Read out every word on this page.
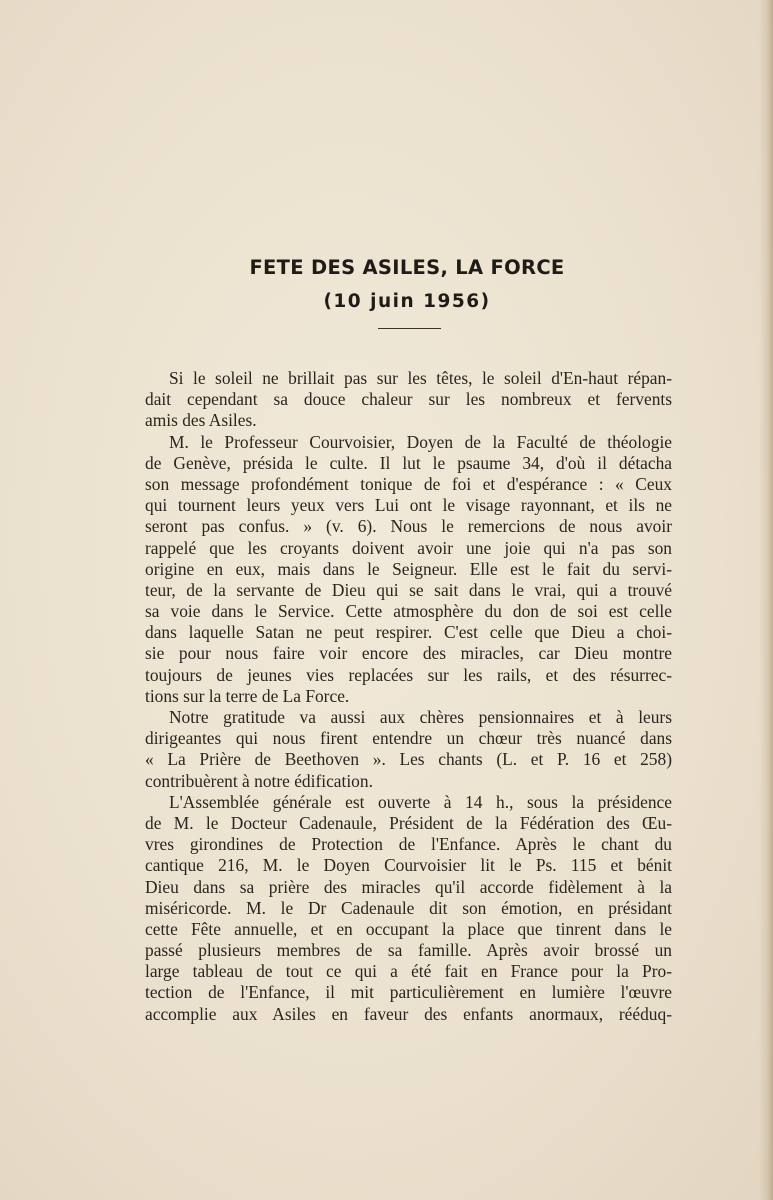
FETE DES ASILES, LA FORCE
(10 juin 1956)
Si le soleil ne brillait pas sur les têtes, le soleil d'En-haut répan-
dait cependant sa douce chaleur sur les nombreux et fervents
amis des Asiles.
M. le Professeur Courvoisier, Doyen de la Faculté de théologie
de Genève, présida le culte. Il lut le psaume 34, d'où il détacha
son message profondément tonique de foi et d'espérance : « Ceux
qui tournent leurs yeux vers Lui ont le visage rayonnant, et ils ne
seront pas confus. » (v. 6). Nous le remercions de nous avoir
rappelé que les croyants doivent avoir une joie qui n'a pas son
origine en eux, mais dans le Seigneur. Elle est le fait du servi-
teur, de la servante de Dieu qui se sait dans le vrai, qui a trouvé
sa voie dans le Service. Cette atmosphère du don de soi est celle
dans laquelle Satan ne peut respirer. C'est celle que Dieu a choi-
sie pour nous faire voir encore des miracles, car Dieu montre
toujours de jeunes vies replacées sur les rails, et des résurrec-
tions sur la terre de La Force.
Notre gratitude va aussi aux chères pensionnaires et à leurs
dirigeantes qui nous firent entendre un chœur très nuancé dans
« La Prière de Beethoven ». Les chants (L. et P. 16 et 258)
contribuèrent à notre édification.
L'Assemblée générale est ouverte à 14 h., sous la présidence
de M. le Docteur Cadenaule, Président de la Fédération des Œu-
vres girondines de Protection de l'Enfance. Après le chant du
cantique 216, M. le Doyen Courvoisier lit le Ps. 115 et bénit
Dieu dans sa prière des miracles qu'il accorde fidèlement à la
miséricorde. M. le Dr Cadenaule dit son émotion, en présidant
cette Fête annuelle, et en occupant la place que tinrent dans le
passé plusieurs membres de sa famille. Après avoir brossé un
large tableau de tout ce qui a été fait en France pour la Pro-
tection de l'Enfance, il mit particulièrement en lumière l'œuvre
accomplie aux Asiles en faveur des enfants anormaux, rééduq-
